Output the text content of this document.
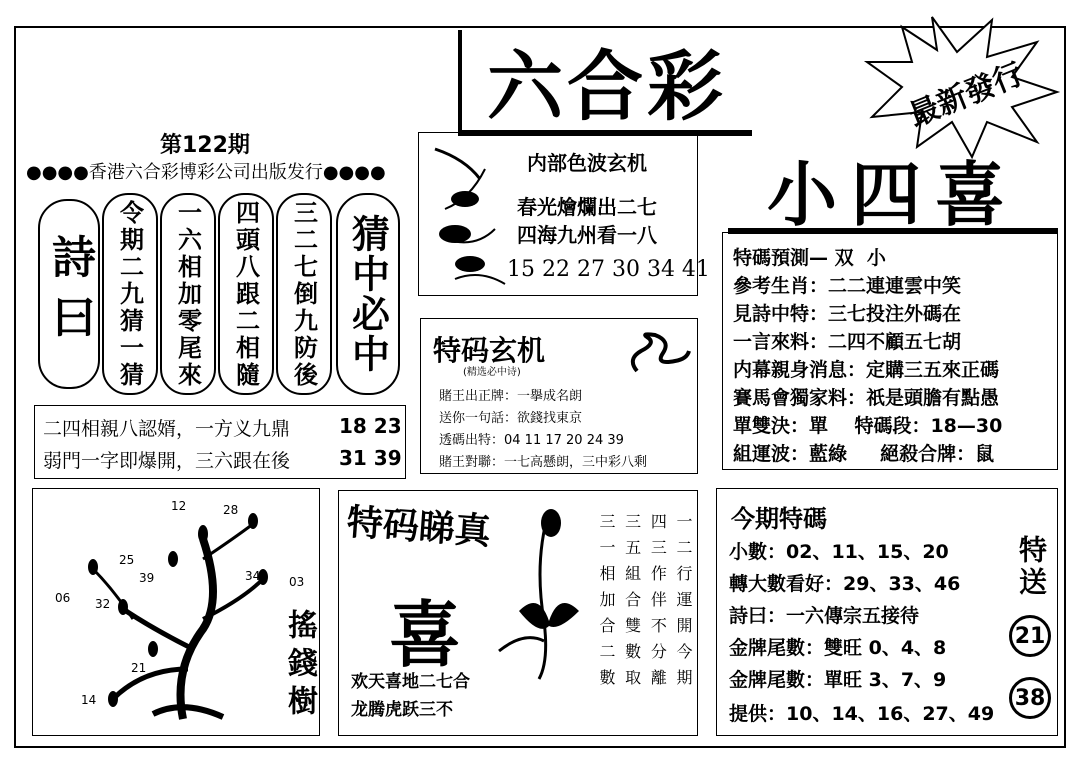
六合彩	最新發行
小四喜
第122期
●●●●香港六合彩博彩公司出版发行●●●●
詩曰 令期二九猜一猜 一六相加零尾來 四頭八跟二相隨 三二七倒九防後 猜中必中
二四相親八認婿，一方义九鼎 18 23
弱門一字即爆開，三六跟在後 31 39
内部色波玄机
春光燴爛出二七
四海九州看一八
15 22 27 30 34 41
特码玄机
(精选必中诗)
賭王出正牌：一擧成名朗
送你一句話：欲錢找東京
透碼出特：04 11 17 20 24 39
賭王對聯：一七高懸朗，三中彩八剩
特碼預測— 双  小
參考生肖：二二連連雲中笑
見詩中特：三七投注外碼在
一言來料：二四不顧五七胡
内幕親身消息：定購三五來正碼
賽馬會獨家料：祇是頭膽有點愚
單雙決：單    特碼段：18—30
組運波：藍綠     絕殺合牌：鼠
12	28
25
39	34 03
06 32
21
14	搖錢樹
特码睇真
喜
欢天喜地二七合
龙腾虎跃三不
三一相加合二數 三五組合雙數取 四三作伴不分離 一二行運開今期 今期特碼
小數：02、11、15、20
轉大數看好：29、33、46
詩曰：一六傳宗五接待
金牌尾數：雙旺 0、4、8
金牌尾數：單旺 3、7、9
提供：10、14、16、27、49
特送
21
38
